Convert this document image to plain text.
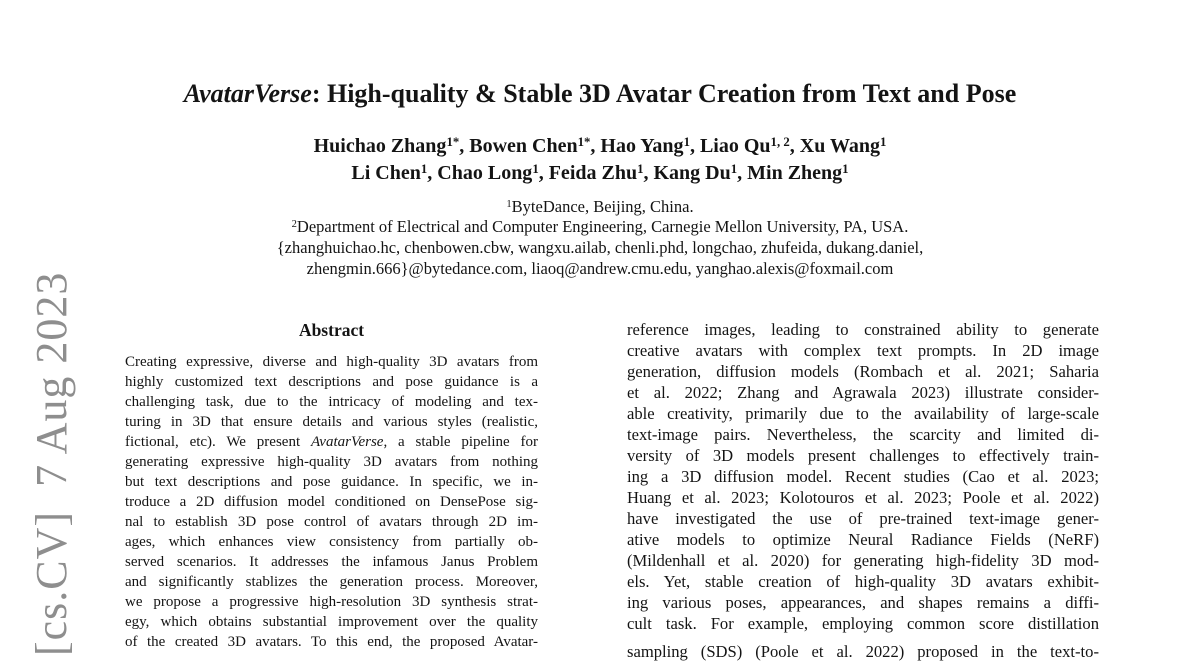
[cs.CV]  7 Aug 2023
AvatarVerse: High-quality & Stable 3D Avatar Creation from Text and Pose
Huichao Zhang$^{1*}$, Bowen Chen$^{1*}$, Hao Yang$^1$, Liao Qu$^{1, 2}$, Xu Wang$^1$
Li Chen$^1$, Chao Long$^1$, Feida Zhu$^1$, Kang Du$^1$, Min Zheng$^1$
$^1$ByteDance, Beijing, China.
$^2$Department of Electrical and Computer Engineering, Carnegie Mellon University, PA, USA.
{zhanghuichao.hc, chenbowen.cbw, wangxu.ailab, chenli.phd, longchao, zhufeida, dukang.daniel,
zhengmin.666}@bytedance.com, liaoq@andrew.cmu.edu, yanghao.alexis@foxmail.com
Abstract
Creating expressive, diverse and high-quality 3D avatars from
highly customized text descriptions and pose guidance is a
challenging task, due to the intricacy of modeling and tex-
turing in 3D that ensure details and various styles (realistic,
fictional, etc). We present AvatarVerse, a stable pipeline for
generating expressive high-quality 3D avatars from nothing
but text descriptions and pose guidance. In specific, we in-
troduce a 2D diffusion model conditioned on DensePose sig-
nal to establish 3D pose control of avatars through 2D im-
ages, which enhances view consistency from partially ob-
served scenarios. It addresses the infamous Janus Problem
and significantly stablizes the generation process. Moreover,
we propose a progressive high-resolution 3D synthesis strat-
egy, which obtains substantial improvement over the quality
of the created 3D avatars. To this end, the proposed Avatar-
reference images, leading to constrained ability to generate
creative avatars with complex text prompts. In 2D image
generation, diffusion models (Rombach et al. 2021; Saharia
et al. 2022; Zhang and Agrawala 2023) illustrate consider-
able creativity, primarily due to the availability of large-scale
text-image pairs. Nevertheless, the scarcity and limited di-
versity of 3D models present challenges to effectively train-
ing a 3D diffusion model. Recent studies (Cao et al. 2023;
Huang et al. 2023; Kolotouros et al. 2023; Poole et al. 2022)
have investigated the use of pre-trained text-image gener-
ative models to optimize Neural Radiance Fields (NeRF)
(Mildenhall et al. 2020) for generating high-fidelity 3D mod-
els. Yet, stable creation of high-quality 3D avatars exhibit-
ing various poses, appearances, and shapes remains a diffi-
cult task. For example, employing common score distillation
sampling (SDS) (Poole et al. 2022) proposed in the text-to-
